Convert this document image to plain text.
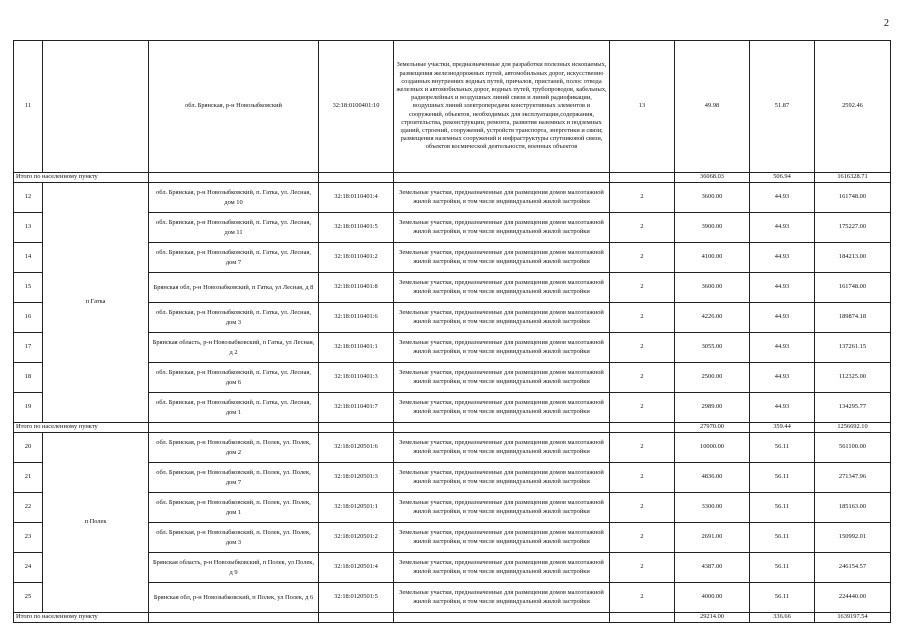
2
11		обл. Брянская, р-н Новозыбковский	32:18:0100401:10	Земельные участки, предназначенные для разработки полезных ископаемых, размещения железнодорожных путей, автомобильных дорог, искусственно созданных внутренних водных путей, причалов, пристаней, полос отвода железных и автомобильных дорог, водных путей, трубопроводов, кабельных, радиорелейных и воздушных линий связи и линий радиофикации, воздушных линий электропередачи конструктивных элементов и сооружений, объектов, необходимых для эксплуатации,содержания, строительства, реконструкции, ремонта, развития наземных и подземных зданий, строений, сооружений, устройств транспорта, энергетики и связи; размещения наземных сооружений и инфраструктуры спутниковой связи, объектов космической деятельности, военных объектов	13	49.98	51.87	2592.46
Итого по населенному пункту						36068.03	506.94	1616328.71
12	п Гатка	обл. Брянская, р-н Новозыбковский, п. Гатка, ул. Лесная, дом 10	32:18:0110401:4	Земельные участки, предназначенные для размещения домов малоэтажной жилой застройки, в том числе индивидуальной жилой застройки	2	3600.00	44.93	161748.00
13		обл. Брянская, р-н Новозыбковский, п. Гатка, ул. Лесная, дом 11	32:18:0110401:5	Земельные участки, предназначенные для размещения домов малоэтажной жилой застройки, в том числе индивидуальной жилой застройки	2	3900.00	44.93	175227.00
14		обл. Брянская, р-н Новозыбковский, п. Гатка, ул. Лесная, дом 7	32:18:0110401:2	Земельные участки, предназначенные для размещения домов малоэтажной жилой застройки, в том числе индивидуальной жилой застройки	2	4100.00	44.93	184213.00
15		Брянская обл, р-н Новозыбковский, п Гатка, ул Лесная, д 8	32:18:0110401:8	Земельные участки, предназначенные для размещения домов малоэтажной жилой застройки, в том числе индивидуальной жилой застройки	2	3600.00	44.93	161748.00
16		обл. Брянская, р-н Новозыбковский, п. Гатка, ул. Лесная, дом 3	32:18:0110401:6	Земельные участки, предназначенные для размещения домов малоэтажной жилой застройки, в том числе индивидуальной жилой застройки	2	4226.00	44.93	189874.18
17		Брянская область, р-н Новозыбковский, п Гатка, ул Лесная, д 2	32:18:0110401:1	Земельные участки, предназначенные для размещения домов малоэтажной жилой застройки, в том числе индивидуальной жилой застройки	2	3055.00	44.93	137261.15
18		обл. Брянская, р-н Новозыбковский, п. Гатка, ул. Лесная, дом 6	32:18:0110401:3	Земельные участки, предназначенные для размещения домов малоэтажной жилой застройки, в том числе индивидуальной жилой застройки	2	2500.00	44.93	112325.00
19		обл. Брянская, р-н Новозыбковский, п. Гатка, ул. Лесная, дом 1	32:18:0110401:7	Земельные участки, предназначенные для размещения домов малоэтажной жилой застройки, в том числе индивидуальной жилой застройки	2	2989.00	44.93	134295.77
Итого по населенному пункту						27970.00	359.44	1256692.10
20	п Полек	обл. Брянская, р-н Новозыбковский, п. Полек, ул. Полек, дом 2	32:18:0120501:6	Земельные участки, предназначенные для размещения домов малоэтажной жилой застройки, в том числе индивидуальной жилой застройки	2	10000.00	56.11	561100.00
21		обл. Брянская, р-н Новозыбковский, п. Полек, ул. Полек, дом 7	32:18:0120501:3	Земельные участки, предназначенные для размещения домов малоэтажной жилой застройки, в том числе индивидуальной жилой застройки	2	4836.00	56.11	271347.96
22		обл. Брянская, р-н Новозыбковский, п. Полек, ул. Полек, дом 1	32:18:0120501:1	Земельные участки, предназначенные для размещения домов малоэтажной жилой застройки, в том числе индивидуальной жилой застройки	2	3300.00	56.11	185163.00
23		обл. Брянская, р-н Новозыбковский, п. Полек, ул. Полек, дом 3	32:18:0120501:2	Земельные участки, предназначенные для размещения домов малоэтажной жилой застройки, в том числе индивидуальной жилой застройки	2	2691.00	56.11	150992.01
24		Брянская область, р-н Новозыбковский, п Полек, ул Полек, д 9	32:18:0120501:4	Земельные участки, предназначенные для размещения домов малоэтажной жилой застройки, в том числе индивидуальной жилой застройки	2	4387.00	56.11	246154.57
25		Брянская обл, р-н Новозыбковский, п Полек, ул Полек, д 6	32:18:0120501:5	Земельные участки, предназначенные для размещения домов малоэтажной жилой застройки, в том числе индивидуальной жилой застройки	2	4000.00	56.11	224440.00
Итого по населенному пункту						29214.00	336.66	1639197.54
